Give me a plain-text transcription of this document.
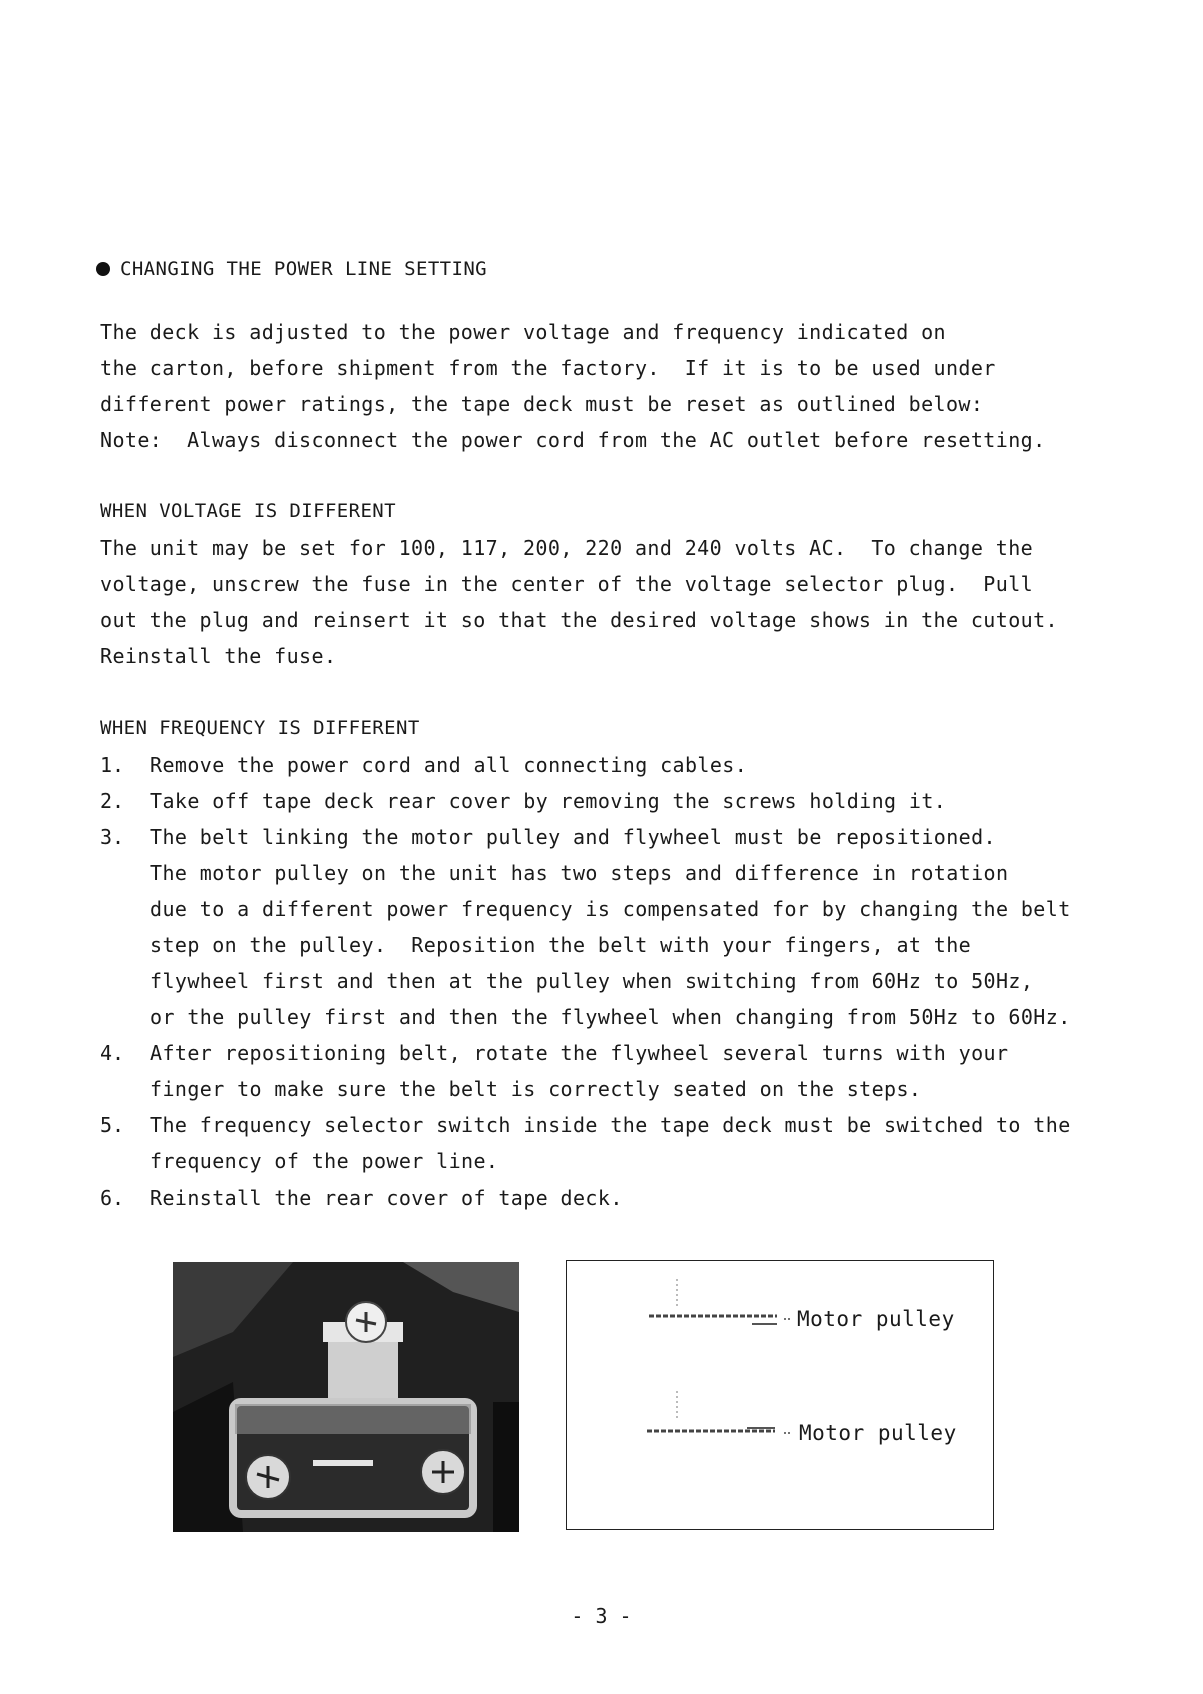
CHANGING THE POWER LINE SETTING
The deck is adjusted to the power voltage and frequency indicated on
the carton, before shipment from the factory.  If it is to be used under
different power ratings, the tape deck must be reset as outlined below:
Note:  Always disconnect the power cord from the AC outlet before resetting.
WHEN VOLTAGE IS DIFFERENT
The unit may be set for 100, 117, 200, 220 and 240 volts AC.  To change the
voltage, unscrew the fuse in the center of the voltage selector plug.  Pull
out the plug and reinsert it so that the desired voltage shows in the cutout.
Reinstall the fuse.
WHEN FREQUENCY IS DIFFERENT
1. Remove the power cord and all connecting cables.
2. Take off tape deck rear cover by removing the screws holding it.
3. The belt linking the motor pulley and flywheel must be repositioned.
The motor pulley on the unit has two steps and difference in rotation
due to a different power frequency is compensated for by changing the belt
step on the pulley.  Reposition the belt with your fingers, at the
flywheel first and then at the pulley when switching from 60Hz to 50Hz,
or the pulley first and then the flywheel when changing from 50Hz to 60Hz.
4. After repositioning belt, rotate the flywheel several turns with your
finger to make sure the belt is correctly seated on the steps.
5. The frequency selector switch inside the tape deck must be switched to the
frequency of the power line.
6. Reinstall the rear cover of tape deck.
Motor pulley
Motor pulley
- 3 -
